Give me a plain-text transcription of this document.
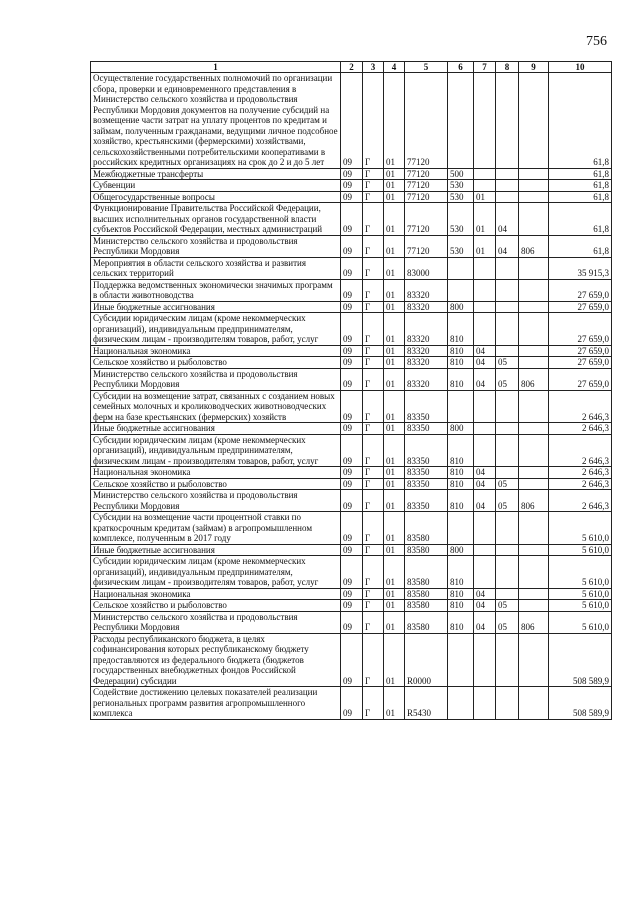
756
1	2	3	4	5	6	7	8	9	10
Осуществление государственных полномочий по организации сбора, проверки и единовременного представления в Министерство сельского хозяйства и продовольствия Республики Мордовия документов на получение субсидий на возмещение части затрат на уплату процентов по кредитам и займам, полученным гражданами, ведущими личное подсобное хозяйство, крестьянскими (фермерскими) хозяйствами, сельскохозяйственными потребительскими кооперативами в российских кредитных организациях на срок до 2 и до 5 лет	09	Г	01	77120					61,8
Межбюджетные трансферты	09	Г	01	77120	500				61,8
Субвенции	09	Г	01	77120	530				61,8
Общегосударственные вопросы	09	Г	01	77120	530	01			61,8
Функционирование Правительства Российской Федерации, высших исполнительных органов государственной власти субъектов Российской Федерации, местных администраций	09	Г	01	77120	530	01	04		61,8
Министерство сельского хозяйства и продовольствия Республики Мордовия	09	Г	01	77120	530	01	04	806	61,8
Мероприятия в области сельского хозяйства и развития сельских территорий	09	Г	01	83000					35 915,3
Поддержка ведомственных экономически значимых программ в области животноводства	09	Г	01	83320					27 659,0
Иные бюджетные ассигнования	09	Г	01	83320	800				27 659,0
Субсидии юридическим лицам (кроме некоммерческих организаций), индивидуальным предпринимателям, физическим лицам - производителям товаров, работ, услуг	09	Г	01	83320	810				27 659,0
Национальная экономика	09	Г	01	83320	810	04			27 659,0
Сельское хозяйство и рыболовство	09	Г	01	83320	810	04	05		27 659,0
Министерство сельского хозяйства и продовольствия Республики Мордовия	09	Г	01	83320	810	04	05	806	27 659,0
Субсидии на возмещение затрат, связанных с созданием новых семейных молочных и кролиководческих животноводческих ферм на базе крестьянских (фермерских) хозяйств	09	Г	01	83350					2 646,3
Иные бюджетные ассигнования	09	Г	01	83350	800				2 646,3
Субсидии юридическим лицам (кроме некоммерческих организаций), индивидуальным предпринимателям, физическим лицам - производителям товаров, работ, услуг	09	Г	01	83350	810				2 646,3
Национальная экономика	09	Г	01	83350	810	04			2 646,3
Сельское хозяйство и рыболовство	09	Г	01	83350	810	04	05		2 646,3
Министерство сельского хозяйства и продовольствия Республики Мордовия	09	Г	01	83350	810	04	05	806	2 646,3
Субсидии на возмещение части процентной ставки по краткосрочным кредитам (займам) в агропромышленном комплексе, полученным в 2017 году	09	Г	01	83580					5 610,0
Иные бюджетные ассигнования	09	Г	01	83580	800				5 610,0
Субсидии юридическим лицам (кроме некоммерческих организаций), индивидуальным предпринимателям, физическим лицам - производителям товаров, работ, услуг	09	Г	01	83580	810				5 610,0
Национальная экономика	09	Г	01	83580	810	04			5 610,0
Сельское хозяйство и рыболовство	09	Г	01	83580	810	04	05		5 610,0
Министерство сельского хозяйства и продовольствия Республики Мордовия	09	Г	01	83580	810	04	05	806	5 610,0
Расходы республиканского бюджета, в целях софинансирования которых республиканскому бюджету предоставляются из федерального бюджета (бюджетов государственных внебюджетных фондов Российской Федерации) субсидии	09	Г	01	R0000					508 589,9
Содействие достижению целевых показателей реализации региональных программ развития агропромышленного комплекса	09	Г	01	R5430					508 589,9
